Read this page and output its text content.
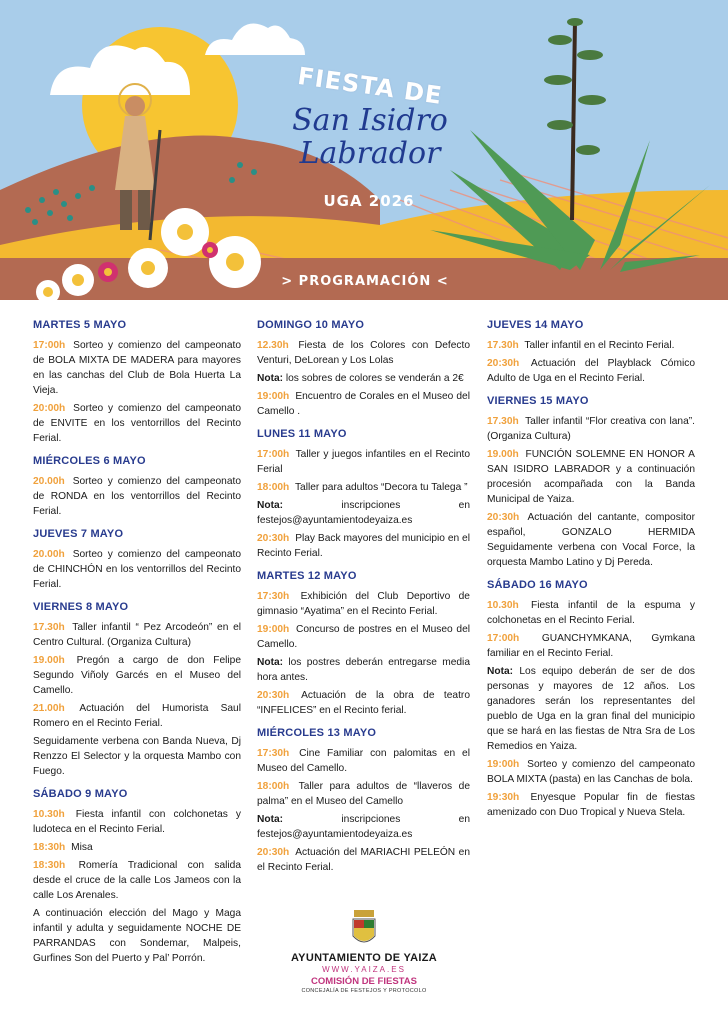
FIESTA DE
San Isidro
Labrador
UGA 2026
> PROGRAMACIÓN <
MARTES 5 MAYO
17:00h Sorteo y comienzo del campeonato de BOLA MIXTA DE MADERA para mayores en las canchas del Club de Bola Huerta La Vieja.
20:00h Sorteo y comienzo del campeonato de ENVITE en los ventorrillos del Recinto Ferial.
MIÉRCOLES 6 MAYO
20.00h Sorteo y comienzo del campeonato de RONDA en los ventorrillos del Recinto Ferial.
JUEVES 7 MAYO
20.00h Sorteo y comienzo del campeonato de CHINCHÓN en los ventorrillos del Recinto Ferial.
VIERNES 8 MAYO
17.30h Taller infantil “ Pez Arcodeón” en el Centro Cultural. (Organiza Cultura)
19.00h Pregón a cargo de don Felipe Segundo Viñoly Garcés en el Museo del Camello.
21.00h Actuación del Humorista Saul Romero en el Recinto Ferial.
Seguidamente verbena con Banda Nueva, Dj Renzzo El Selector y la orquesta Mambo con Fuego.
SÁBADO 9 MAYO
10.30h Fiesta infantil con colchonetas y ludoteca en el Recinto Ferial.
18:30h Misa
18:30h Romería Tradicional con salida desde el cruce de la calle Los Jameos con la calle Los Arenales.
A continuación elección del Mago y Maga infantil y adulta y seguidamente NOCHE DE PARRANDAS con Sondemar, Malpeis, Gurfines Son del Puerto y Pal’ Porrón.
DOMINGO 10 MAYO
12.30h Fiesta de los Colores con Defecto Venturi, DeLorean y Los Lolas
Nota: los sobres de colores se venderán a 2€
19:00h Encuentro de Corales en el Museo del Camello .
LUNES 11 MAYO
17:00h Taller y juegos infantiles en el Recinto Ferial
18:00h Taller para adultos “Decora tu Talega ”
Nota:	inscripciones en festejos@ayuntamientodeyaiza.es
20:30h Play Back mayores del municipio en el Recinto Ferial.
MARTES 12 MAYO
17:30h Exhibición del Club Deportivo de gimnasio “Ayatima” en el Recinto Ferial.
19:00h Concurso de postres en el Museo del Camello.
Nota: los postres deberán entregarse media hora antes.
20:30h Actuación de la obra de teatro “INFELICES” en el Recinto ferial.
MIÉRCOLES 13 MAYO
17:30h Cine Familiar con palomitas en el Museo del Camello.
18:00h Taller para adultos de “llaveros de palma” en el Museo del Camello
Nota:	inscripciones en festejos@ayuntamientodeyaiza.es
20:30h Actuación del MARIACHI PELEÓN en el Recinto Ferial.
JUEVES 14 MAYO
17.30h Taller infantil en el Recinto Ferial.
20:30h Actuación del Playblack Cómico Adulto de Uga en el Recinto Ferial.
VIERNES 15 MAYO
17.30h Taller infantil “Flor creativa con lana”. (Organiza Cultura)
19.00h FUNCIÓN SOLEMNE EN HONOR A SAN ISIDRO LABRADOR y a continuación procesión acompañada con la Banda Municipal de Yaiza.
20:30h Actuación del cantante, compositor español, GONZALO HERMIDA Seguidamente verbena con Vocal Force, la orquesta Mambo Latino y Dj Pereda.
SÁBADO 16 MAYO
10.30h Fiesta infantil de la espuma y colchonetas en el Recinto Ferial.
17:00h GUANCHYMKANA, Gymkana familiar en el Recinto Ferial.
Nota: Los equipo deberán de ser de dos personas y mayores de 12 años. Los ganadores serán los representantes del pueblo de Uga en la gran final del municipio que se hará en las fiestas de Ntra Sra de Los Remedios en Yaiza.
19:00h Sorteo y comienzo del campeonato BOLA MIXTA (pasta) en las Canchas de bola.
19:30h Enyesque Popular fin de fiestas amenizado con Duo Tropical y Nueva Stela.
AYUNTAMIENTO DE YAIZA
WWW.YAIZA.ES
COMISIÓN DE FIESTAS
CONCEJALÍA DE FESTEJOS Y PROTOCOLO
